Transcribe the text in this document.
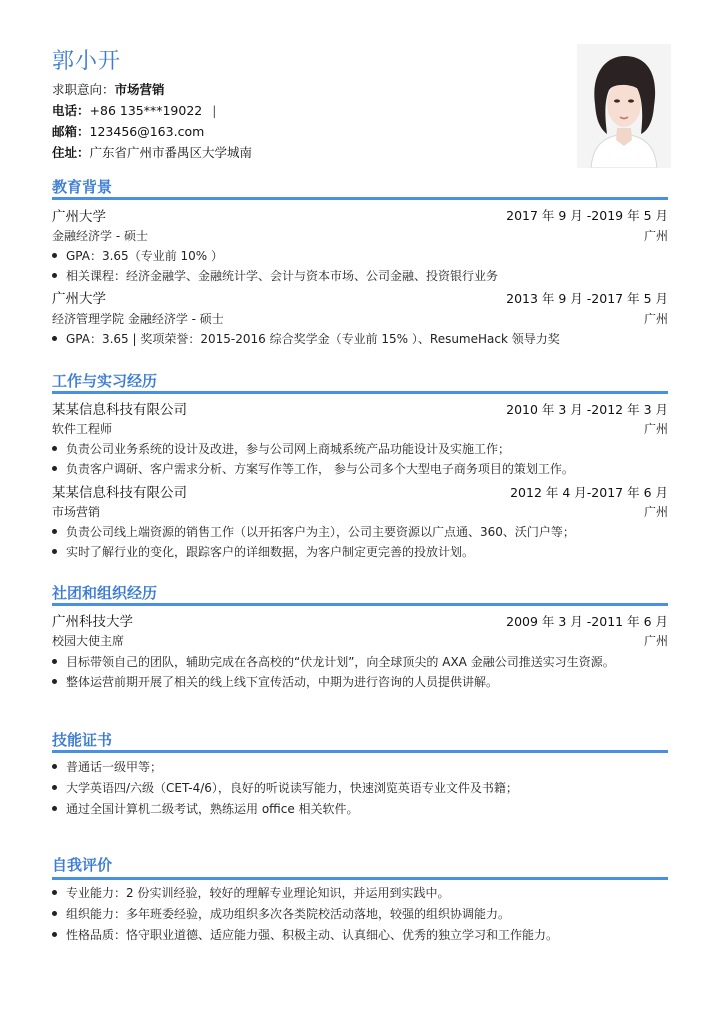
郭小开
求职意向：市场营销
电话：+86 135***19022 |
邮箱：123456@163.com
住址：广东省广州市番禺区大学城南
教育背景
广州大学	2017 年 9 月 -2019 年 5 月
金融经济学 - 硕士	广州
GPA：3.65（专业前 10% ）
相关课程：经济金融学、金融统计学、会计与资本市场、公司金融、投资银行业务
广州大学	2013 年 9 月 -2017 年 5 月
经济管理学院 金融经济学 - 硕士	广州
GPA：3.65 | 奖项荣誉：2015-2016 综合奖学金（专业前 15% ）、ResumeHack 领导力奖
工作与实习经历
某某信息科技有限公司	2010 年 3 月 -2012 年 3 月
软件工程师	广州
负责公司业务系统的设计及改进，参与公司网上商城系统产品功能设计及实施工作；
负责客户调研、客户需求分析、方案写作等工作， 参与公司多个大型电子商务项目的策划工作。
某某信息科技有限公司	2012 年 4 月-2017 年 6 月
市场营销	广州
负责公司线上端资源的销售工作（以开拓客户为主），公司主要资源以广点通、360、沃门户等；
实时了解行业的变化，跟踪客户的详细数据，为客户制定更完善的投放计划。
社团和组织经历
广州科技大学	2009 年 3 月 -2011 年 6 月
校园大使主席	广州
目标带领自己的团队，辅助完成在各高校的“伏龙计划”，向全球顶尖的 AXA 金融公司推送实习生资源。
整体运营前期开展了相关的线上线下宣传活动，中期为进行咨询的人员提供讲解。
技能证书
普通话一级甲等；
大学英语四/六级（CET-4/6），良好的听说读写能力，快速浏览英语专业文件及书籍；
通过全国计算机二级考试，熟练运用 office 相关软件。
自我评价
专业能力：2 份实训经验，较好的理解专业理论知识，并运用到实践中。
组织能力：多年班委经验，成功组织多次各类院校活动落地，较强的组织协调能力。
性格品质：恪守职业道德、适应能力强、积极主动、认真细心、优秀的独立学习和工作能力。
